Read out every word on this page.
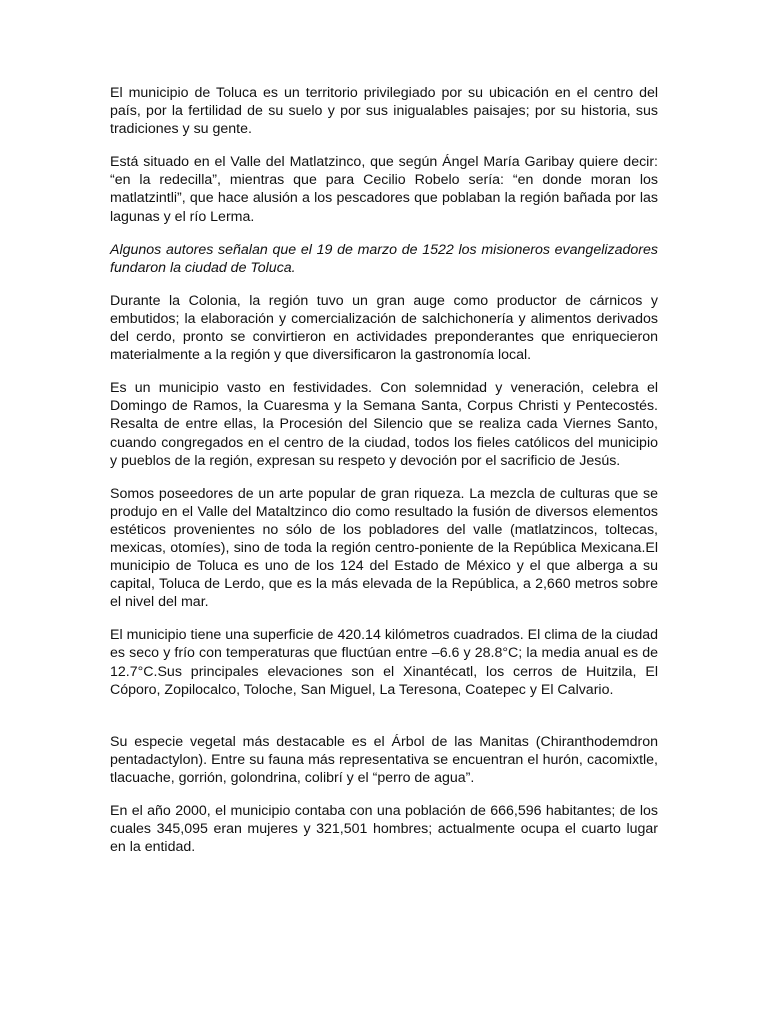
El municipio de Toluca es un territorio privilegiado por su ubicación en el centro del país, por la fertilidad de su suelo y por sus inigualables paisajes; por su historia, sus tradiciones y su gente.

Está situado en el Valle del Matlatzinco, que según Ángel María Garibay quiere decir: “en la redecilla”, mientras que para Cecilio Robelo sería: “en donde moran los matlatzintli”, que hace alusión a los pescadores que poblaban la región bañada por las lagunas y el río Lerma.

Algunos autores señalan que el 19 de marzo de 1522 los misioneros evangelizadores fundaron la ciudad de Toluca.

Durante la Colonia, la región tuvo un gran auge como productor de cárnicos y embutidos; la elaboración y comercialización de salchichonería y alimentos derivados del cerdo, pronto se convirtieron en actividades preponderantes que enriquecieron materialmente a la región y que diversificaron la gastronomía local.

Es un municipio vasto en festividades. Con solemnidad y veneración, celebra el Domingo de Ramos, la Cuaresma y la Semana Santa, Corpus Christi y Pentecostés. Resalta de entre ellas, la Procesión del Silencio que se realiza cada Viernes Santo, cuando congregados en el centro de la ciudad, todos los fieles católicos del municipio y pueblos de la región, expresan su respeto y devoción por el sacrificio de Jesús.

Somos poseedores de un arte popular de gran riqueza. La mezcla de culturas que se produjo en el Valle del Mataltzinco dio como resultado la fusión de diversos elementos estéticos provenientes no sólo de los pobladores del valle (matlatzincos, toltecas, mexicas, otomíes), sino de toda la región centro-poniente de la República Mexicana.El municipio de Toluca es uno de los 124 del Estado de México y el que alberga a su capital, Toluca de Lerdo, que es la más elevada de la República, a 2,660 metros sobre el nivel del mar.

El municipio tiene una superficie de 420.14 kilómetros cuadrados. El clima de la ciudad es seco y frío con temperaturas que fluctúan entre –6.6 y 28.8°C; la media anual es de 12.7°C.Sus principales elevaciones son el Xinantécatl, los cerros de Huitzila, El Cóporo, Zopilocalco, Toloche, San Miguel, La Teresona, Coatepec y El Calvario.

Su especie vegetal más destacable es el Árbol de las Manitas (Chiranthodemdron pentadactylon). Entre su fauna más representativa se encuentran el hurón, cacomixtle, tlacuache, gorrión, golondrina, colibrí y el “perro de agua”.

En el año 2000, el municipio contaba con una población de 666,596 habitantes; de los cuales 345,095 eran mujeres y 321,501 hombres; actualmente ocupa el cuarto lugar en la entidad.
